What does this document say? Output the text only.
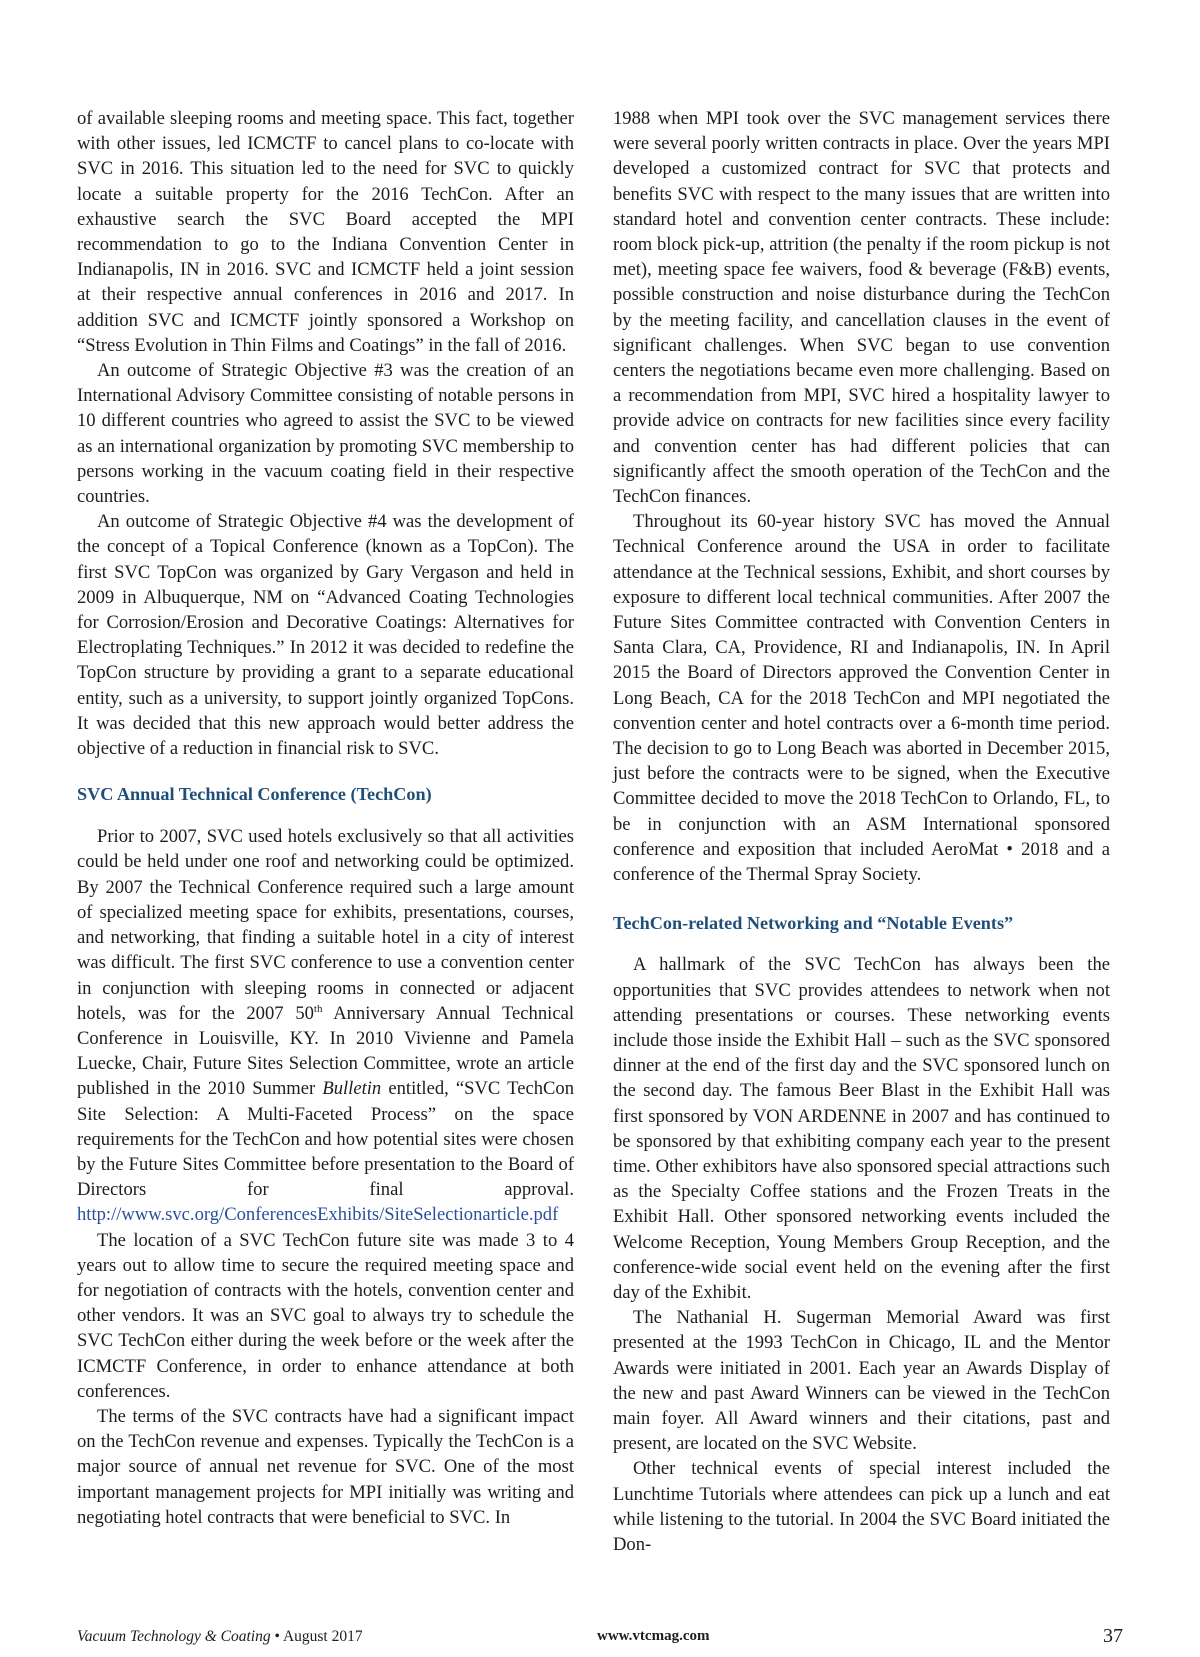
of available sleeping rooms and meeting space. This fact, together with other issues, led ICMCTF to cancel plans to co-locate with SVC in 2016. This situation led to the need for SVC to quickly locate a suitable property for the 2016 TechCon. After an exhaustive search the SVC Board accepted the MPI recommendation to go to the Indiana Convention Center in Indianapolis, IN in 2016. SVC and ICMCTF held a joint session at their respective annual conferences in 2016 and 2017. In addition SVC and ICMCTF jointly sponsored a Workshop on “Stress Evolution in Thin Films and Coatings” in the fall of 2016.

An outcome of Strategic Objective #3 was the creation of an International Advisory Committee consisting of notable persons in 10 different countries who agreed to assist the SVC to be viewed as an international organization by promoting SVC membership to persons working in the vacuum coating field in their respective countries.

An outcome of Strategic Objective #4 was the development of the concept of a Topical Conference (known as a TopCon). The first SVC TopCon was organized by Gary Vergason and held in 2009 in Albuquerque, NM on “Advanced Coating Technologies for Corrosion/Erosion and Decorative Coatings: Alternatives for Electroplating Techniques.” In 2012 it was decided to redefine the TopCon structure by providing a grant to a separate educational entity, such as a university, to support jointly organized TopCons. It was decided that this new approach would better address the objective of a reduction in financial risk to SVC.

SVC Annual Technical Conference (TechCon)

Prior to 2007, SVC used hotels exclusively so that all activities could be held under one roof and networking could be optimized. By 2007 the Technical Conference required such a large amount of specialized meeting space for exhibits, presentations, courses, and networking, that finding a suitable hotel in a city of interest was difficult. The first SVC conference to use a convention center in conjunction with sleeping rooms in connected or adjacent hotels, was for the 2007 50th Anniversary Annual Technical Conference in Louisville, KY. In 2010 Vivienne and Pamela Luecke, Chair, Future Sites Selection Committee, wrote an article published in the 2010 Summer Bulletin entitled, “SVC TechCon Site Selection: A Multi-Faceted Process” on the space requirements for the TechCon and how potential sites were chosen by the Future Sites Committee before presentation to the Board of Directors for final approval. http://www.svc.org/ConferencesExhibits/SiteSelectionarticle.pdf

The location of a SVC TechCon future site was made 3 to 4 years out to allow time to secure the required meeting space and for negotiation of contracts with the hotels, convention center and other vendors. It was an SVC goal to always try to schedule the SVC TechCon either during the week before or the week after the ICMCTF Conference, in order to enhance attendance at both conferences.

The terms of the SVC contracts have had a significant impact on the TechCon revenue and expenses. Typically the TechCon is a major source of annual net revenue for SVC. One of the most important management projects for MPI initially was writing and negotiating hotel contracts that were beneficial to SVC. In

1988 when MPI took over the SVC management services there were several poorly written contracts in place. Over the years MPI developed a customized contract for SVC that protects and benefits SVC with respect to the many issues that are written into standard hotel and convention center contracts. These include: room block pick-up, attrition (the penalty if the room pickup is not met), meeting space fee waivers, food & beverage (F&B) events, possible construction and noise disturbance during the TechCon by the meeting facility, and cancellation clauses in the event of significant challenges. When SVC began to use convention centers the negotiations became even more challenging. Based on a recommendation from MPI, SVC hired a hospitality lawyer to provide advice on contracts for new facilities since every facility and convention center has had different policies that can significantly affect the smooth operation of the TechCon and the TechCon finances.

Throughout its 60-year history SVC has moved the Annual Technical Conference around the USA in order to facilitate attendance at the Technical sessions, Exhibit, and short courses by exposure to different local technical communities. After 2007 the Future Sites Committee contracted with Convention Centers in Santa Clara, CA, Providence, RI and Indianapolis, IN. In April 2015 the Board of Directors approved the Convention Center in Long Beach, CA for the 2018 TechCon and MPI negotiated the convention center and hotel contracts over a 6-month time period. The decision to go to Long Beach was aborted in December 2015, just before the contracts were to be signed, when the Executive Committee decided to move the 2018 TechCon to Orlando, FL, to be in conjunction with an ASM International sponsored conference and exposition that included AeroMat • 2018 and a conference of the Thermal Spray Society.

TechCon-related Networking and “Notable Events”

A hallmark of the SVC TechCon has always been the opportunities that SVC provides attendees to network when not attending presentations or courses. These networking events include those inside the Exhibit Hall – such as the SVC sponsored dinner at the end of the first day and the SVC sponsored lunch on the second day. The famous Beer Blast in the Exhibit Hall was first sponsored by VON ARDENNE in 2007 and has continued to be sponsored by that exhibiting company each year to the present time. Other exhibitors have also sponsored special attractions such as the Specialty Coffee stations and the Frozen Treats in the Exhibit Hall. Other sponsored networking events included the Welcome Reception, Young Members Group Reception, and the conference-wide social event held on the evening after the first day of the Exhibit.

The Nathanial H. Sugerman Memorial Award was first presented at the 1993 TechCon in Chicago, IL and the Mentor Awards were initiated in 2001. Each year an Awards Display of the new and past Award Winners can be viewed in the TechCon main foyer. All Award winners and their citations, past and present, are located on the SVC Website.

Other technical events of special interest included the Lunchtime Tutorials where attendees can pick up a lunch and eat while listening to the tutorial. In 2004 the SVC Board initiated the Don-

Vacuum Technology & Coating • August 2017	www.vtcmag.com	37
